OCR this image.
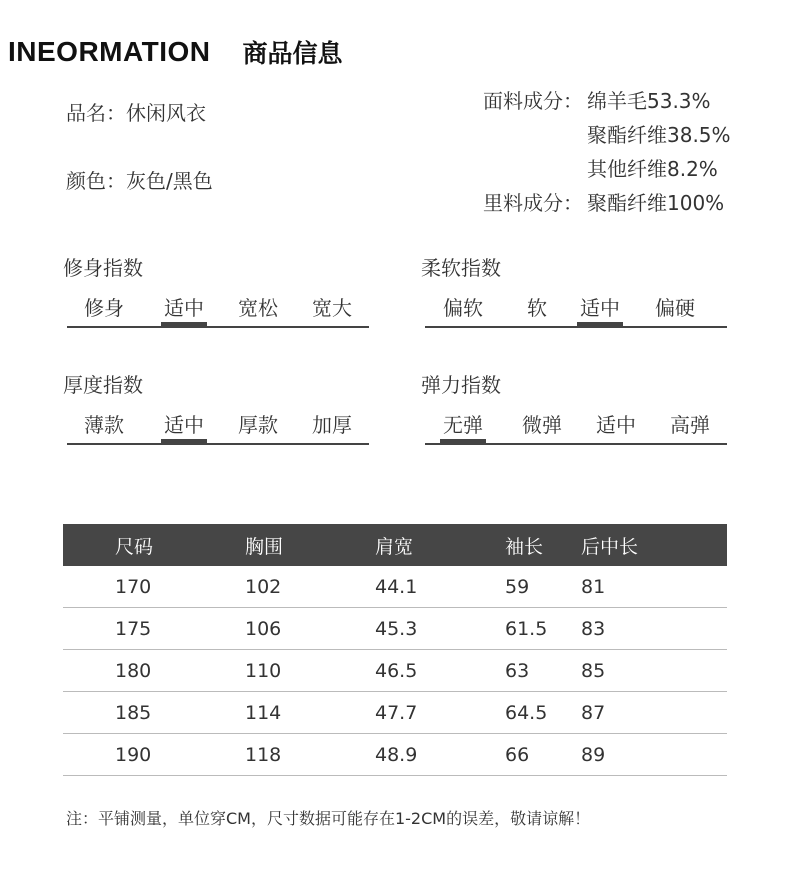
INEORMATION 商品信息
品名：休闲风衣
颜色：灰色/黑色
面料成分： 绵羊毛53.3%
聚酯纤维38.5%
其他纤维8.2%
里料成分： 聚酯纤维100%
修身指数
修身	适中	宽松	宽大
柔软指数
偏软	软	适中	偏硬
厚度指数
薄款	适中	厚款	加厚
弹力指数
无弹	微弹	适中	高弹
尺码	胸围	肩宽	袖长	后中长
170	102	44.1	59	81
175	106	45.3	61.5	83
180	110	46.5	63	85
185	114	47.7	64.5	87
190	118	48.9	66	89
注：平铺测量，单位穿CM，尺寸数据可能存在1-2CM的误差，敬请谅解！
